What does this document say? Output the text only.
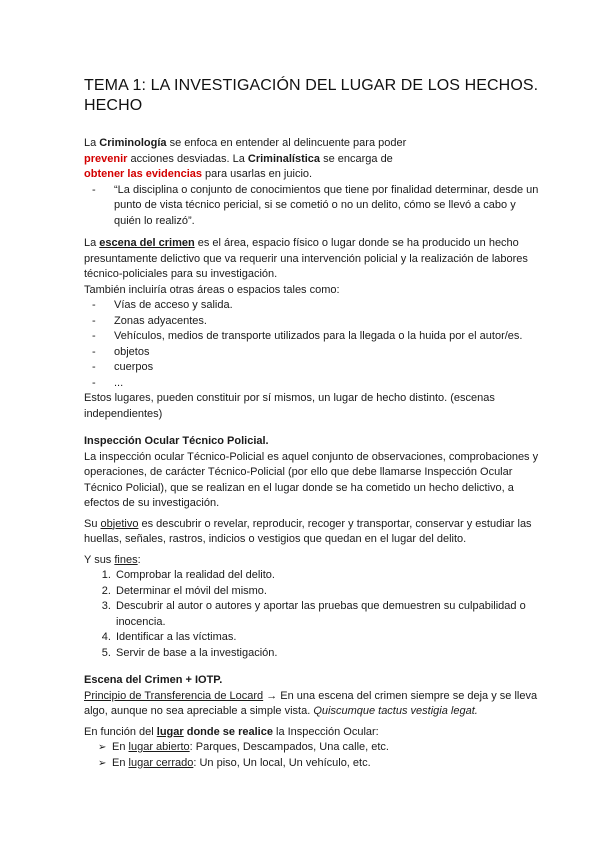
TEMA 1: LA INVESTIGACIÓN DEL LUGAR DE LOS HECHOS. HECHO

La Criminología se enfoca en entender al delincuente para poder
prevenir acciones desviadas. La Criminalística se encarga de
obtener las evidencias para usarlas en juicio.

- “La disciplina o conjunto de conocimientos que tiene por finalidad determinar, desde un punto de vista técnico pericial, si se cometió o no un delito, cómo se llevó a cabo y quién lo realizó”.

La escena del crimen es el área, espacio físico o lugar donde se ha producido un hecho presuntamente delictivo que va requerir una intervención policial y la realización de labores técnico-policiales para su investigación.

También incluiría otras áreas o espacios tales como:

- Vías de acceso y salida.
- Zonas adyacentes.
- Vehículos, medios de transporte utilizados para la llegada o la huida por el autor/es.
- objetos
- cuerpos
- ...

Estos lugares, pueden constituir por sí mismos, un lugar de hecho distinto. (escenas independientes)

Inspección Ocular Técnico Policial.

La inspección ocular Técnico-Policial es aquel conjunto de observaciones, comprobaciones y operaciones, de carácter Técnico-Policial (por ello que debe llamarse Inspección Ocular Técnico Policial), que se realizan en el lugar donde se ha cometido un hecho delictivo, a efectos de su investigación.

Su objetivo es descubrir o revelar, reproducir, recoger y transportar, conservar y estudiar las huellas, señales, rastros, indicios o vestigios que quedan en el lugar del delito.

Y sus fines:

1. Comprobar la realidad del delito.
2. Determinar el móvil del mismo.
3. Descubrir al autor o autores y aportar las pruebas que demuestren su culpabilidad o inocencia.
4. Identificar a las víctimas.
5. Servir de base a la investigación.

Escena del Crimen + IOTP.

Principio de Transferencia de Locard → En una escena del crimen siempre se deja y se lleva algo, aunque no sea apreciable a simple vista. Quiscumque tactus vestigia legat.

En función del lugar donde se realice la Inspección Ocular:

➢ En lugar abierto: Parques, Descampados, Una calle, etc.
➢ En lugar cerrado: Un piso, Un local, Un vehículo, etc.
